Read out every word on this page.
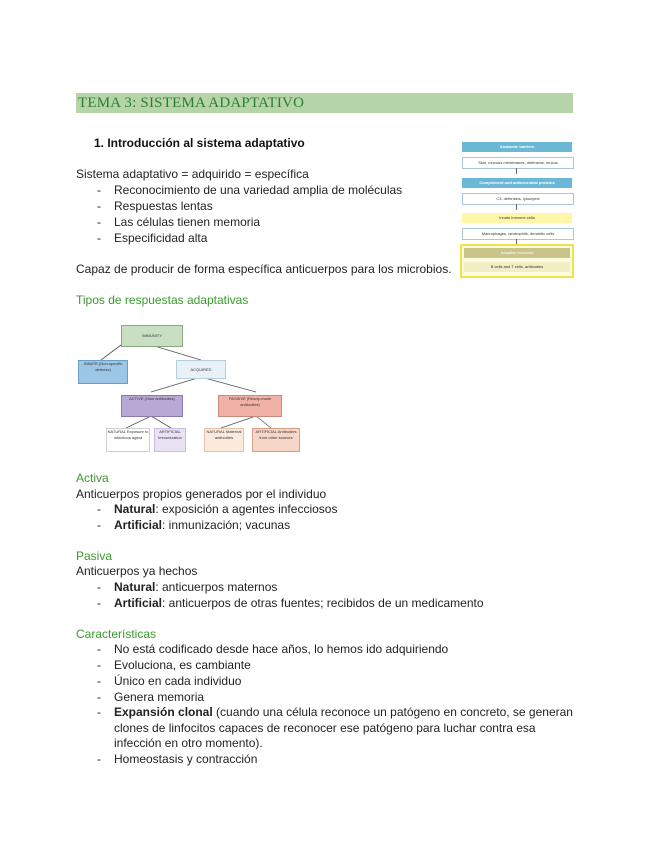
TEMA 3: SISTEMA ADAPTATIVO
1. Introducción al sistema adaptativo
Sistema adaptativo = adquirido = específica
- Reconocimiento de una variedad amplia de moléculas
- Respuestas lentas
- Las células tienen memoria
- Especificidad alta
Capaz de producir de forma específica anticuerpos para los microbios.
Anatomic barriers
Skin, mucous membranes, defensins, mucus
Complement and antimicrobial proteins
C3, defensins, lysozyme
Innate immune cells
Macrophages, neutrophils, dendritic cells
Adaptive immunity
B cells and T cells, antibodies
Tipos de respuestas adaptativas
IMMUNITY
INNATE (Non-specific defense)	ACQUIRED
ACTIVE (Own antibodies)	PASSIVE (Ready-made antibodies)
NATURAL Exposure to infectious agent
ARTIFICIAL Immunization
NATURAL Maternal antibodies
ARTIFICIAL Antibodies from other sources
Activa
Anticuerpos propios generados por el individuo
- Natural: exposición a agentes infecciosos
- Artificial: inmunización; vacunas
Pasiva
Anticuerpos ya hechos
- Natural: anticuerpos maternos
- Artificial: anticuerpos de otras fuentes; recibidos de un medicamento
Características
- No está codificado desde hace años, lo hemos ido adquiriendo
- Evoluciona, es cambiante
- Único en cada individuo
- Genera memoria
- Expansión clonal (cuando una célula reconoce un patógeno en concreto, se generan
clones de linfocitos capaces de reconocer ese patógeno para luchar contra esa
infección en otro momento).
- Homeostasis y contracción
